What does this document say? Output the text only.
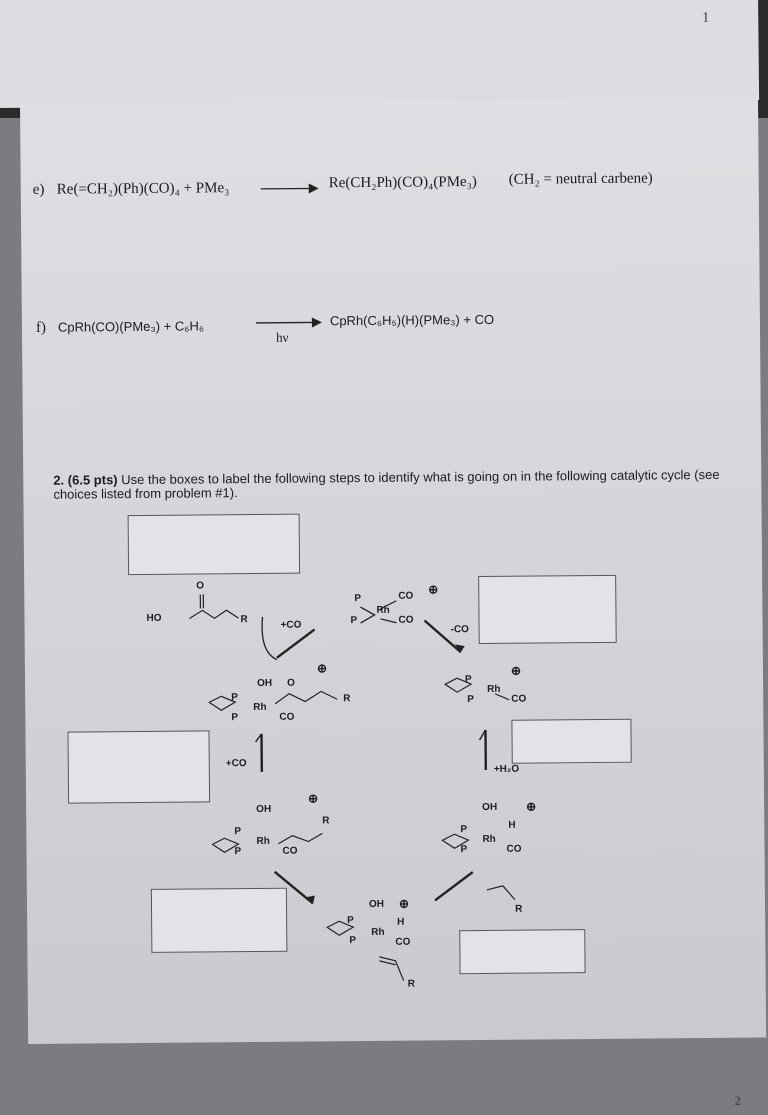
1
e) Re(=CH₂)(Ph)(CO)₄ + PMe₃	Re(CH₂Ph)(CO)₄(PMe₃) (CH₂ = neutral carbene)
f) CpRh(CO)(PMe₃) + C₆H₆
hν
CpRh(C₆H₅)(H)(PMe₃) + CO
2. (6.5 pts) Use the boxes to label the following steps to identify what is going on in the following catalytic cycle (see choices listed from problem #1).
HO
O
R
P	CO
Rh
P	CO
⊕
+CO	-CO
P
Rh
P	CO
⊕
OH O
R
P
Rh
P	CO
⊕
+CO
+H₂O
OH
R
P
Rh
P	CO
⊕
OH
H
P
Rh
P	CO
⊕
OH
H
P
Rh
P	CO
R
⊕	R
2
